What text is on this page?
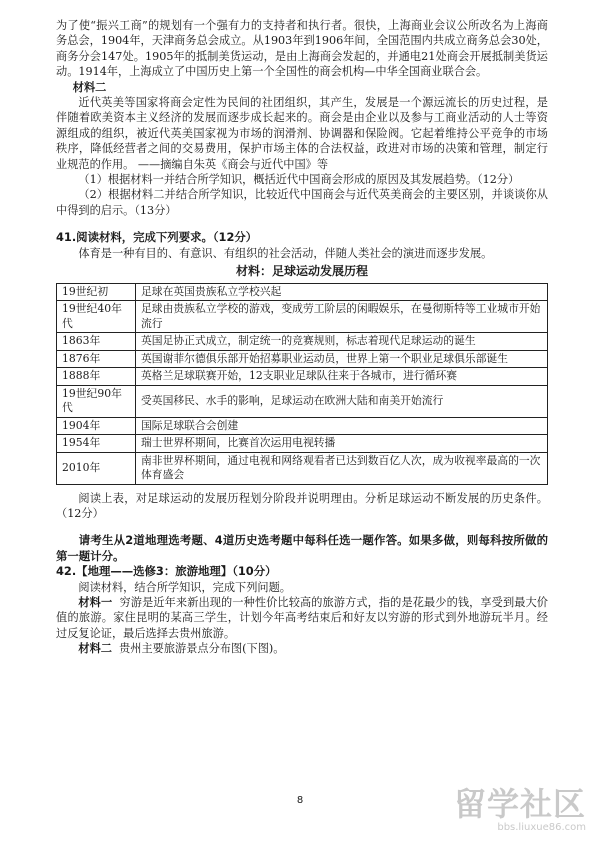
为了使“振兴工商”的规划有一个强有力的支持者和执行者。很快，上海商业会议公所改名为上海商务总会，1904年，天津商务总会成立。从1903年到1906年间，全国范围内共成立商务总会30处，商务分会147处。1905年的抵制美货运动，是由上海商会发起的，并通电21处商会开展抵制美货运动。1914年，上海成立了中国历史上第一个全国性的商会机构—中华全国商业联合会。

材料二

近代英美等国家将商会定性为民间的社团组织，其产生，发展是一个源远流长的历史过程，是伴随着欧美资本主义经济的发展而逐步成长起来的。商会是由企业以及参与工商业活动的人士等资源组成的组织，被近代英美国家视为市场的润滑剂、协调器和保险阀。它起着维持公平竞争的市场秩序，降低经营者之间的交易费用，保护市场主体的合法权益，政进对市场的决策和管理，制定行业规范的作用。 ——摘编自朱英《商会与近代中国》等

（1）根据材料一并结合所学知识，概括近代中国商会形成的原因及其发展趋势。（12分）

（2）根据材料二并结合所学知识，比较近代中国商会与近代英美商会的主要区别，并谈谈你从中得到的启示。（13分）

41.阅读材料，完成下列要求。（12分）

体育是一种有目的、有意识、有组织的社会活动，伴随人类社会的演进而逐步发展。

材料：足球运动发展历程
19世纪初	足球在英国贵族私立学校兴起
19世纪40年代	足球由贵族私立学校的游戏，变成劳工阶层的闲暇娱乐，在曼彻斯特等工业城市开始流行
1863年	英国足协正式成立，制定统一的竞赛规则，标志着现代足球运动的诞生
1876年	英国谢菲尔德俱乐部开始招募职业运动员，世界上第一个职业足球俱乐部诞生
1888年	英格兰足球联赛开始，12支职业足球队往来于各城市，进行循环赛
19世纪90年代	受英国移民、水手的影响，足球运动在欧洲大陆和南美开始流行
1904年	国际足球联合会创建
1954年	瑞士世界杯期间，比赛首次运用电视转播
2010年	南非世界杯期间，通过电视和网络观看者已达到数百亿人次，成为收视率最高的一次体育盛会

阅读上表，对足球运动的发展历程划分阶段并说明理由。分析足球运动不断发展的历史条件。（12分）

请考生从2道地理选考题、4道历史选考题中每科任选一题作答。如果多做，则每科按所做的第一题计分。

42.【地理——选修3：旅游地理】（10分）

阅读材料，结合所学知识，完成下列问题。

材料一 穷游是近年来新出现的一种性价比较高的旅游方式，指的是花最少的钱，享受到最大价值的旅游。家住昆明的某高三学生，计划今年高考结束后和好友以穷游的形式到外地游玩半月。经过反复论证，最后选择去贵州旅游。

材料二 贵州主要旅游景点分布图(下图)。

8	留学社区
bbs.liuxue86.com
